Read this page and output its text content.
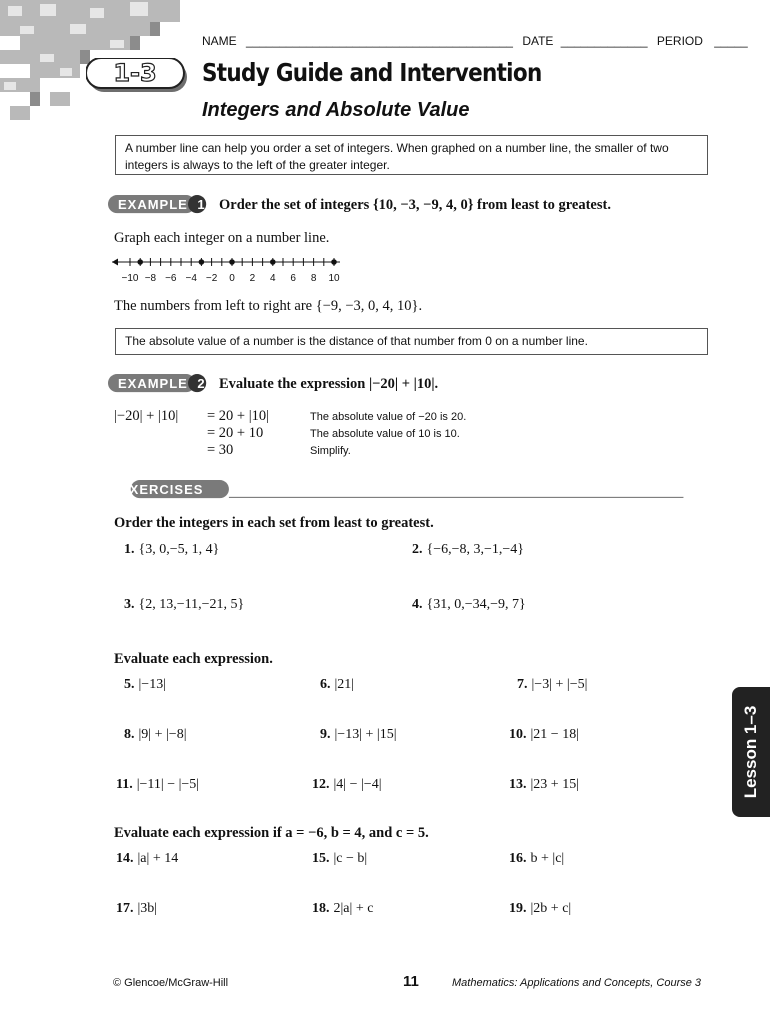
NAME ________________________________________ DATE _____________ PERIOD _____
1-3	Study Guide and Intervention
Integers and Absolute Value
A number line can help you order a set of integers. When graphed on a number line, the smaller of two integers is always to the left of the greater integer.
EXAMPLE 1 Order the set of integers {10, −3, −9, 4, 0} from least to greatest.
Graph each integer on a number line.
−10 −8 −6 −4 −2 0 2 4 6 8 10
The numbers from left to right are {−9, −3, 0, 4, 10}.
The absolute value of a number is the distance of that number from 0 on a number line.
EXAMPLE 2 Evaluate the expression |−20| + |10|.
|−20| + |10| = 20 + |10|	The absolute value of −20 is 20.
= 20 + 10	The absolute value of 10 is 10.
= 30	Simplify.
EXERCISES
Order the integers in each set from least to greatest.
1. {3, 0,−5, 1, 4}	2. {−6,−8, 3,−1,−4}
3. {2, 13,−11,−21, 5}	4. {31, 0,−34,−9, 7}
Evaluate each expression.
5. |−13|	6. |21|	7. |−3| + |−5|
8. |9| + |−8|	9. |−13| + |15|	10. |21 − 18|
11. |−11| − |−5|	12. |4| − |−4|	13. |23 + 15|
Evaluate each expression if a = −6, b = 4, and c = 5.
14. |a| + 14	15. |c − b|	16. b + |c|
17. |3b|	18. 2|a| + c	19. |2b + c|
Lesson 1–3
© Glencoe/McGraw-Hill	11	Mathematics: Applications and Concepts, Course 3
